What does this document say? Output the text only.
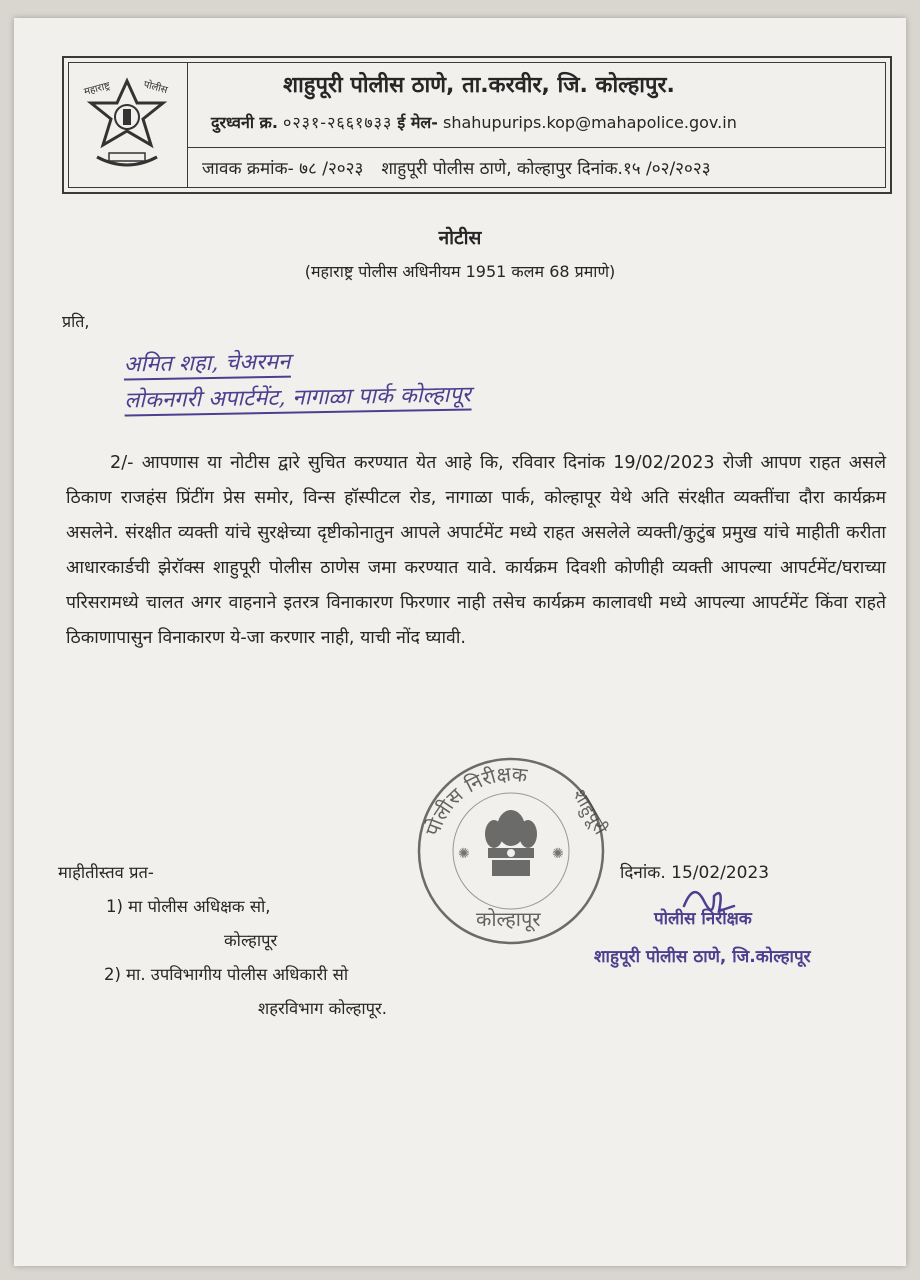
महाराष्ट्र	पोलीस	शाहुपूरी पोलीस ठाणे, ता.करवीर, जि. कोल्हापुर.
दुरध्वनी क्र. ०२३१-२६६१७३३ ई मेल- shahupurips.kop@mahapolice.gov.in
जावक क्रमांक- ७८ /२०२३ शाहुपूरी पोलीस ठाणे, कोल्हापुर दिनांक.१५ /०२/२०२३
नोटीस
(महाराष्ट्र पोलीस अधिनीयम 1951 कलम 68 प्रमाणे)
प्रति,
अमित शहा, चेअरमन
लोकनगरी अपार्टमेंट, नागाळा पार्क कोल्हापूर
2/- आपणास या नोटीस द्वारे सुचित करण्यात येत आहे कि, रविवार दिनांक 19/02/2023 रोजी आपण राहत असले ठिकाण राजहंस प्रिंटींग प्रेस समोर, विन्स हॉस्पीटल रोड, नागाळा पार्क, कोल्हापूर येथे अति संरक्षीत व्यक्तींचा दौरा कार्यक्रम असलेने. संरक्षीत व्यक्ती यांचे सुरक्षेच्या दृष्टीकोनातुन आपले अपार्टमेंट मध्ये राहत असलेले व्यक्ती/कुटुंब प्रमुख यांचे माहीती करीता आधारकार्डची झेरॉक्स शाहुपूरी पोलीस ठाणेस जमा करण्यात यावे. कार्यक्रम दिवशी कोणीही व्यक्ती आपल्या आपर्टमेंट/घराच्या परिसरामध्ये चालत अगर वाहनाने इतरत्र विनाकारण फिरणार नाही तसेच कार्यक्रम कालावधी मध्ये आपल्या आपर्टमेंट किंवा राहते ठिकाणापासुन विनाकारण ये-जा करणार नाही, याची नोंद घ्यावी.
✺	✺
पोलीस निरीक्षक
शाहुपूरी
कोल्हापूर
माहीतीस्तव प्रत-
1) मा पोलीस अधिक्षक सो,
कोल्हापूर
2) मा. उपविभागीय पोलीस अधिकारी सो
शहरविभाग कोल्हापूर.
दिनांक. 15/02/2023
पोलीस निरीक्षक
शाहुपूरी पोलीस ठाणे, जि.कोल्हापूर
